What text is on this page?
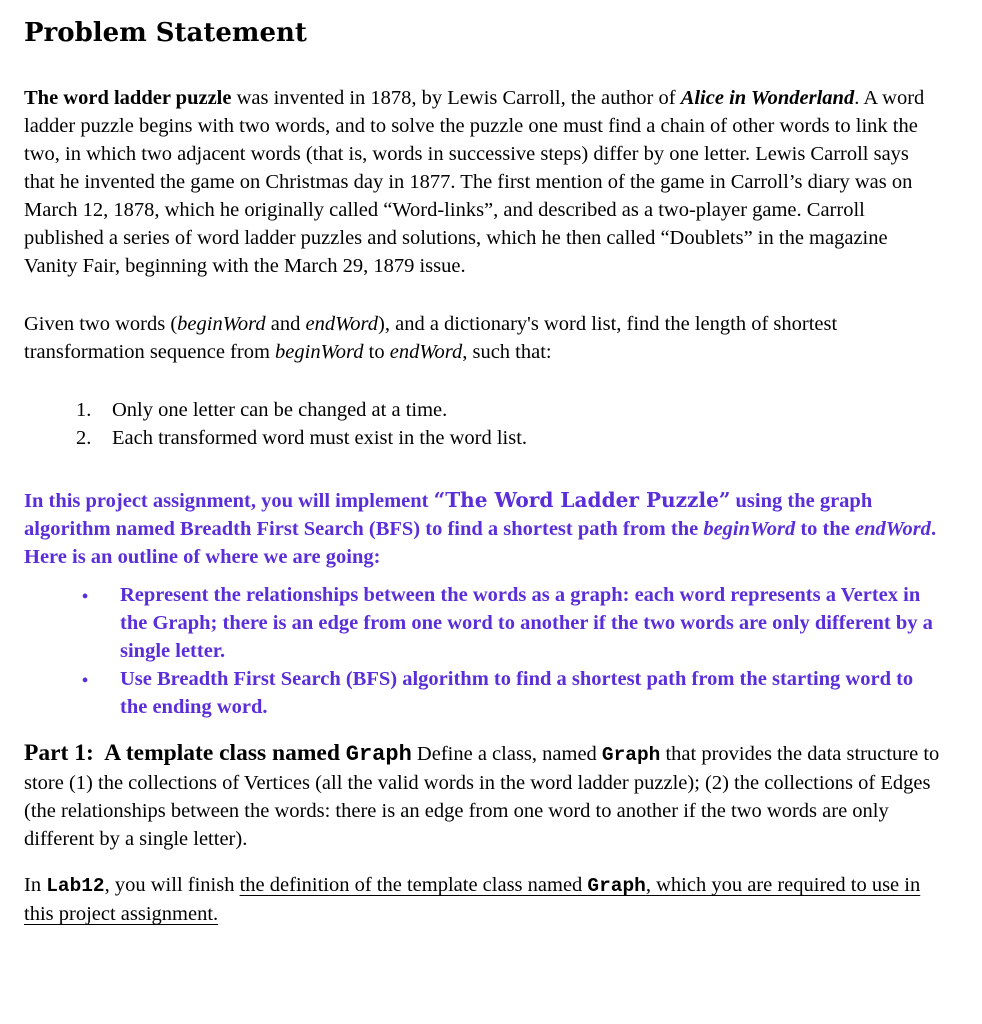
Problem Statement

The word ladder puzzle was invented in 1878, by Lewis Carroll, the author of Alice in Wonderland. A word ladder puzzle begins with two words, and to solve the puzzle one must find a chain of other words to link the two, in which two adjacent words (that is, words in successive steps) differ by one letter. Lewis Carroll says that he invented the game on Christmas day in 1877. The first mention of the game in Carroll’s diary was on March 12, 1878, which he originally called “Word-links”, and described as a two-player game. Carroll published a series of word ladder puzzles and solutions, which he then called “Doublets” in the magazine Vanity Fair, beginning with the March 29, 1879 issue.

Given two words (beginWord and endWord), and a dictionary's word list, find the length of shortest transformation sequence from beginWord to endWord, such that:

Only one letter can be changed at a time.
Each transformed word must exist in the word list.

In this project assignment, you will implement “The Word Ladder Puzzle” using the graph algorithm named Breadth First Search (BFS) to find a shortest path from the beginWord to the endWord. Here is an outline of where we are going:

• Represent the relationships between the words as a graph: each word represents a Vertex in the Graph; there is an edge from one word to another if the two words are only different by a single letter.
• Use Breadth First Search (BFS) algorithm to find a shortest path from the starting word to the ending word.

Part 1:  A template class named Graph Define a class, named Graph that provides the data structure to store (1) the collections of Vertices (all the valid words in the word ladder puzzle); (2) the collections of Edges (the relationships between the words: there is an edge from one word to another if the two words are only different by a single letter).

In Lab12, you will finish the definition of the template class named Graph, which you are required to use in this project assignment.
